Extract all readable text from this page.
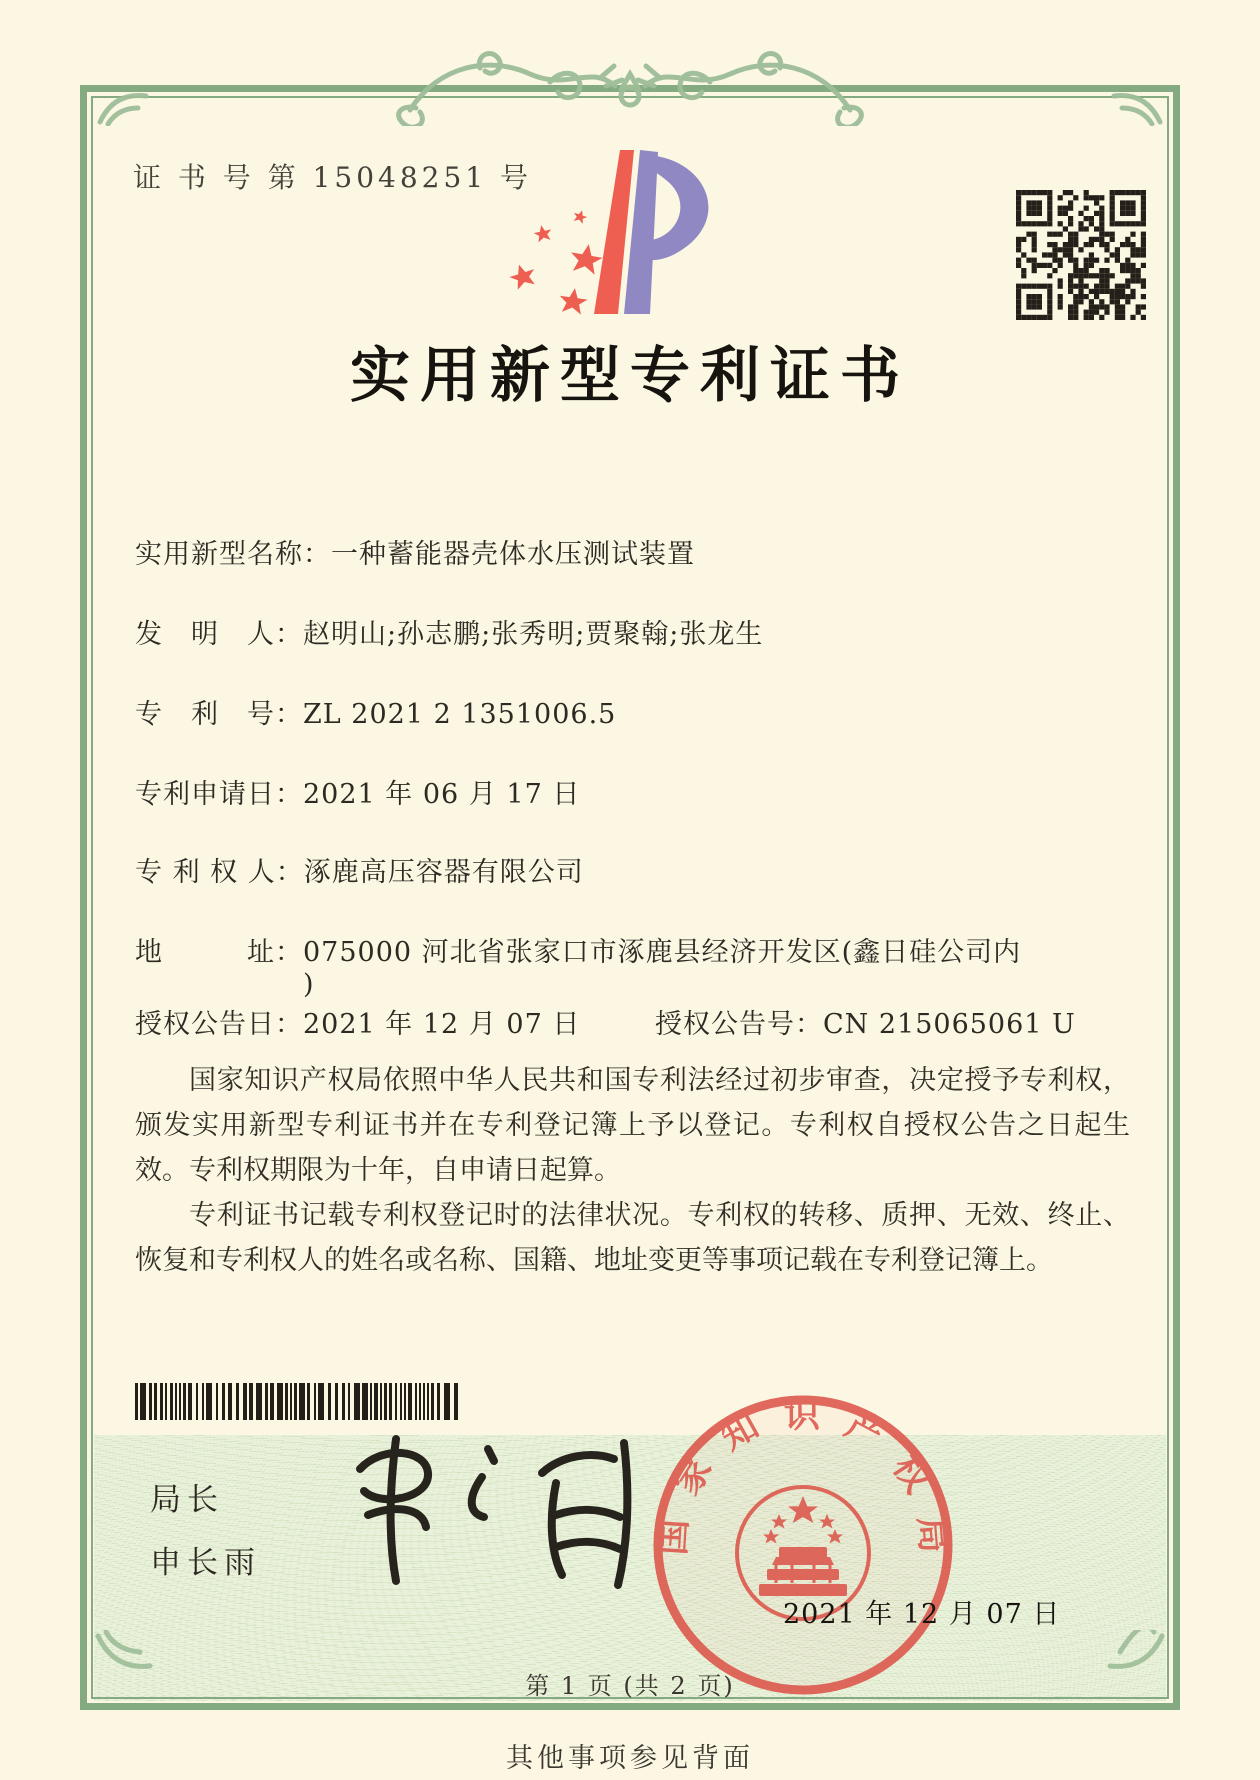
证 书 号 第 15048251 号
实用新型专利证书
实用新型名称：一种蓄能器壳体水压测试装置
发　明　人：赵明山;孙志鹏;张秀明;贾聚翰;张龙生
专　利　号：ZL 2021 2 1351006.5
专利申请日：2021 年 06 月 17 日
专 利 权 人：涿鹿高压容器有限公司
地　　　址：075000 河北省张家口市涿鹿县经济开发区(鑫日硅公司内
)
授权公告日：2021 年 12 月 07 日	授权公告号：CN 215065061 U

国家知识产权局依照中华人民共和国专利法经过初步审查，决定授予专利权，颁发实用新型专利证书并在专利登记簿上予以登记。专利权自授权公告之日起生效。专利权期限为十年，自申请日起算。

专利证书记载专利权登记时的法律状况。专利权的转移、质押、无效、终止、恢复和专利权人的姓名或名称、国籍、地址变更等事项记载在专利登记簿上。

局长
申长雨
国家知识产权局
2021 年 12 月 07 日
第 1 页 (共 2 页)
其他事项参见背面
